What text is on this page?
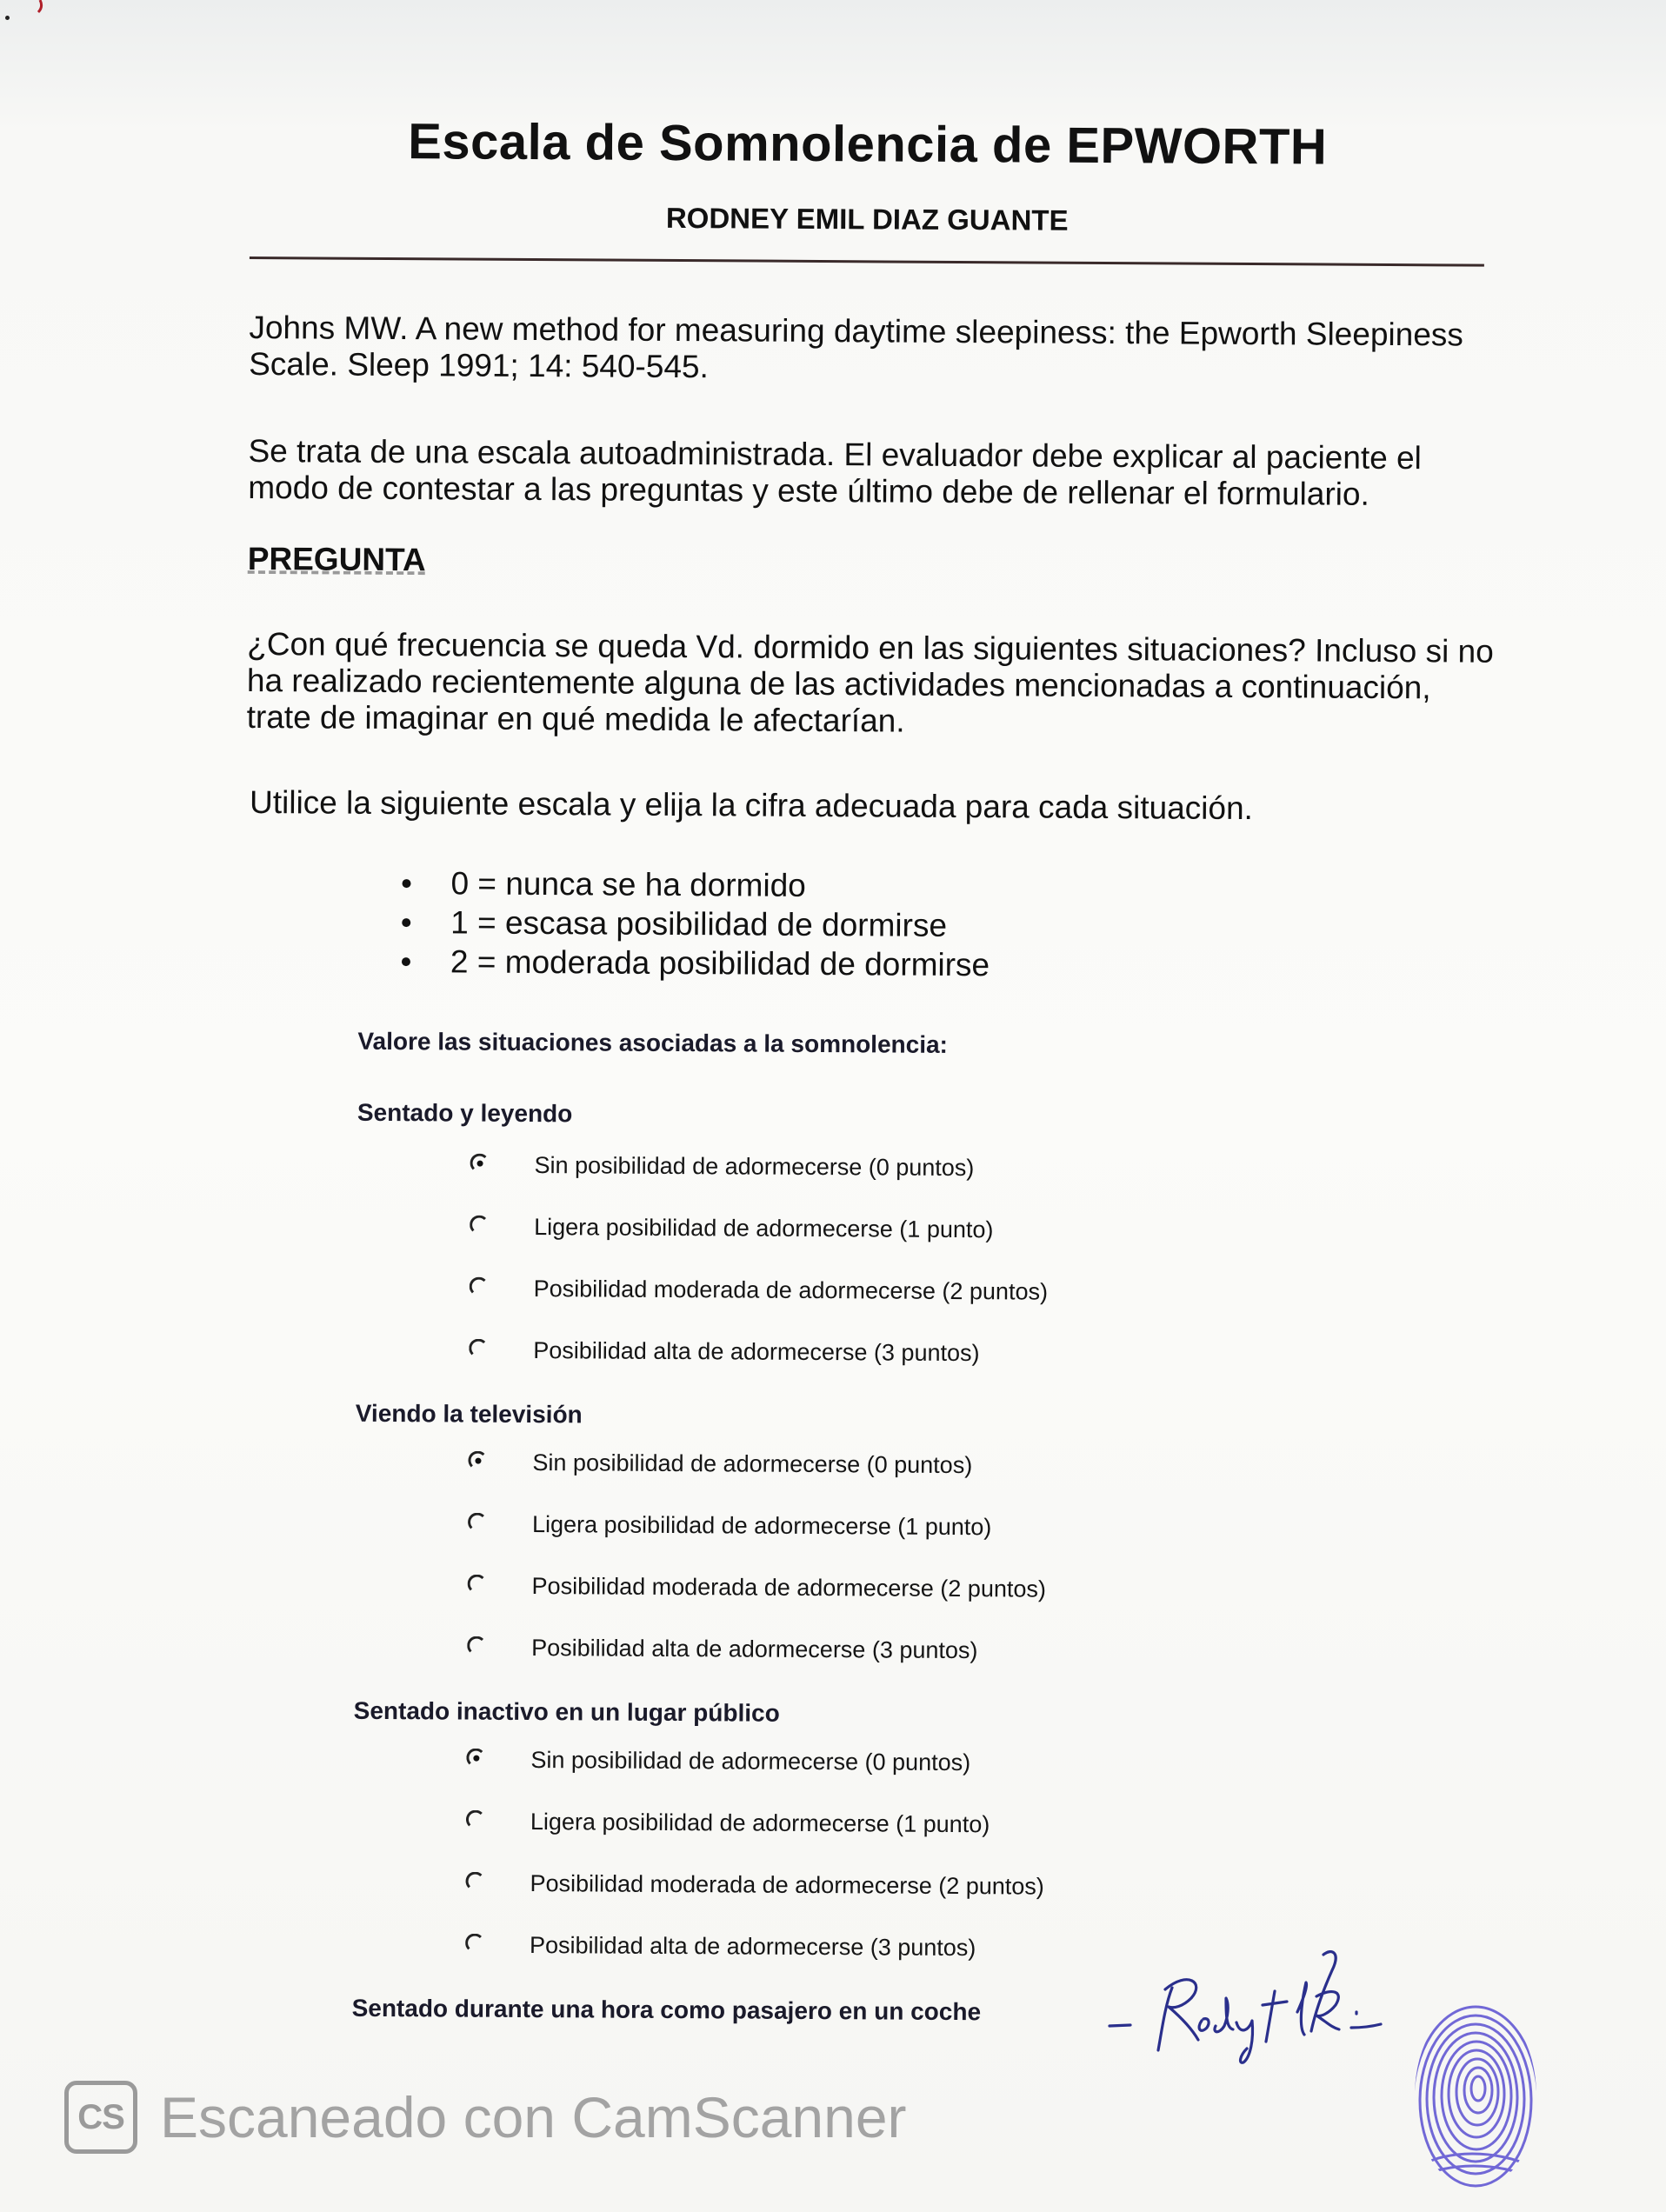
Escala de Somnolencia de EPWORTH
RODNEY EMIL DIAZ GUANTE
Johns MW. A new method for measuring daytime sleepiness: the Epworth Sleepiness Scale. Sleep 1991; 14: 540-545.
Se trata de una escala autoadministrada. El evaluador debe explicar al paciente el modo de contestar a las preguntas y este último debe de rellenar el formulario.
PREGUNTA
¿Con qué frecuencia se queda Vd. dormido en las siguientes situaciones? Incluso si no ha realizado recientemente alguna de las actividades mencionadas a continuación, trate de imaginar en qué medida le afectarían.
Utilice la siguiente escala y elija la cifra adecuada para cada situación.
0 = nunca se ha dormido
1 = escasa posibilidad de dormirse
2 = moderada posibilidad de dormirse
Valore las situaciones asociadas a la somnolencia:
Sentado y leyendo
Sin posibilidad de adormecerse (0 puntos)
Ligera posibilidad de adormecerse (1 punto)
Posibilidad moderada de adormecerse (2 puntos)
Posibilidad alta de adormecerse (3 puntos)
Viendo la televisión
Sin posibilidad de adormecerse (0 puntos)
Ligera posibilidad de adormecerse (1 punto)
Posibilidad moderada de adormecerse (2 puntos)
Posibilidad alta de adormecerse (3 puntos)
Sentado inactivo en un lugar público
Sin posibilidad de adormecerse (0 puntos)
Ligera posibilidad de adormecerse (1 punto)
Posibilidad moderada de adormecerse (2 puntos)
Posibilidad alta de adormecerse (3 puntos)
Sentado durante una hora como pasajero en un coche
CS Escaneado con CamScanner
